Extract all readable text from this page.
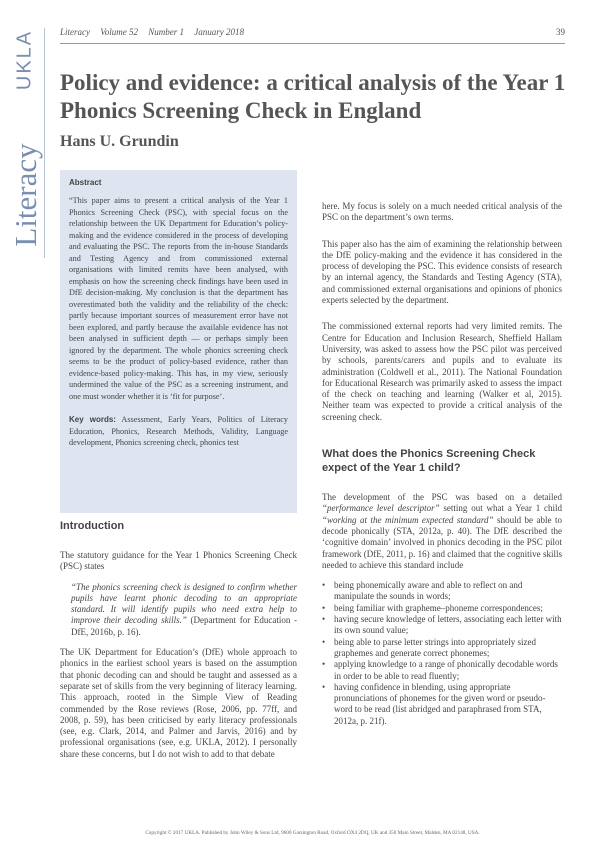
UKLA
Literacy
Literacy Volume 52 Number 1 January 2018	39
Policy and evidence: a critical analysis of the Year 1 Phonics Screening Check in England
Hans U. Grundin
Abstract

“This paper aims to present a critical analysis of the Year 1 Phonics Screening Check (PSC), with special focus on the relationship between the UK Department for Education’s policy-making and the evidence considered in the process of developing and evaluating the PSC. The reports from the in-house Standards and Testing Agency and from commissioned external organisations with limited remits have been analysed, with emphasis on how the screening check findings have been used in DfE decision-making. My conclusion is that the department has overestimated both the validity and the reliability of the check: partly because important sources of measurement error have not been explored, and partly because the available evidence has not been analysed in sufficient depth — or perhaps simply been ignored by the department. The whole phonics screening check seems to be the product of policy-based evidence, rather than evidence-based policy-making. This has, in my view, seriously undermined the value of the PSC as a screening instrument, and one must wonder whether it is ‘fit for purpose’.

Key words: Assessment, Early Years, Politics of Literacy Education, Phonics, Research Methods, Validity, Language development, Phonics screening check, phonics test

Introduction

The statutory guidance for the Year 1 Phonics Screening Check (PSC) states

“The phonics screening check is designed to confirm whether pupils have learnt phonic decoding to an appropriate standard. It will identify pupils who need extra help to improve their decoding skills.” (Department for Education - DfE, 2016b, p. 16).

The UK Department for Education’s (DfE) whole approach to phonics in the earliest school years is based on the assumption that phonic decoding can and should be taught and assessed as a separate set of skills from the very beginning of literacy learning. This approach, rooted in the Simple View of Reading commended by the Rose reviews (Rose, 2006, pp. 77ff, and 2008, p. 59), has been criticised by early literacy professionals (see, e.g. Clark, 2014, and Palmer and Jarvis, 2016) and by professional organisations (see, e.g. UKLA, 2012). I personally share these concerns, but I do not wish to add to that debate

here. My focus is solely on a much needed critical analysis of the PSC on the department’s own terms.

This paper also has the aim of examining the relationship between the DfE policy-making and the evidence it has considered in the process of developing the PSC. This evidence consists of research by an internal agency, the Standards and Testing Agency (STA), and commissioned external organisations and opinions of phonics experts selected by the department.

The commissioned external reports had very limited remits. The Centre for Education and Inclusion Research, Sheffield Hallam University, was asked to assess how the PSC pilot was perceived by schools, parents/carers and pupils and to evaluate its administration (Coldwell et al., 2011). The National Foundation for Educational Research was primarily asked to assess the impact of the check on teaching and learning (Walker et al, 2015). Neither team was expected to provide a critical analysis of the screening check.

What does the Phonics Screening Check expect of the Year 1 child?

The development of the PSC was based on a detailed “performance level descriptor” setting out what a Year 1 child “working at the minimum expected standard” should be able to decode phonically (STA, 2012a, p. 40). The DfE described the ‘cognitive domain’ involved in phonics decoding in the PSC pilot framework (DfE, 2011, p. 16) and claimed that the cognitive skills needed to achieve this standard include

• being phonemically aware and able to reflect on and manipulate the sounds in words;
• being familiar with grapheme–phoneme correspondences;
• having secure knowledge of letters, associating each letter with its own sound value;
• being able to parse letter strings into appropriately sized graphemes and generate correct phonemes;
• applying knowledge to a range of phonically decodable words in order to be able to read fluently;
• having confidence in blending, using appropriate pronunciations of phonemes for the given word or pseudo-word to be read (list abridged and paraphrased from STA, 2012a, p. 21f).
Copyright © 2017 UKLA. Published by John Wiley & Sons Ltd, 9600 Garsington Road, Oxford OX4 2DQ, UK and 350 Main Street, Malden, MA 02148, USA.
